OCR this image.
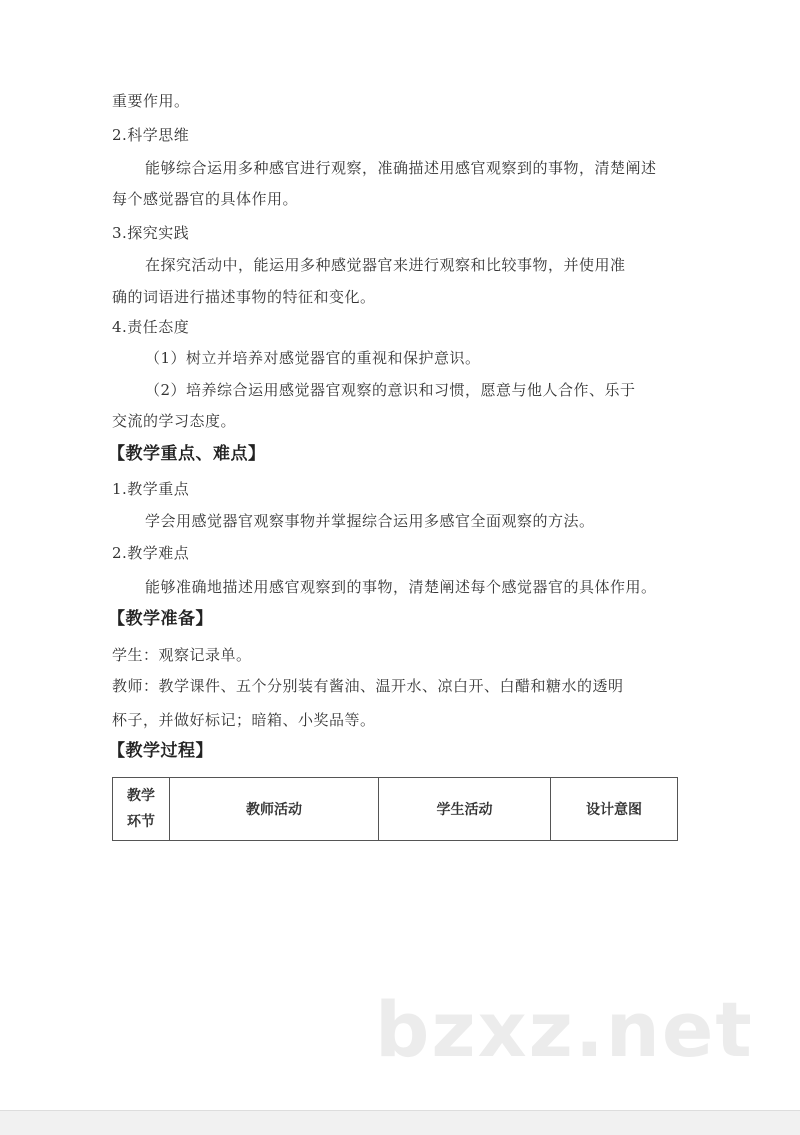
重要作用。
2.科学思维
能够综合运用多种感官进行观察，准确描述用感官观察到的事物，清楚阐述
每个感觉器官的具体作用。
3.探究实践
在探究活动中，能运用多种感觉器官来进行观察和比较事物，并使用准
确的词语进行描述事物的特征和变化。
4.责任态度
（1）树立并培养对感觉器官的重视和保护意识。
（2）培养综合运用感觉器官观察的意识和习惯，愿意与他人合作、乐于
交流的学习态度。
【教学重点、难点】
1.教学重点
学会用感觉器官观察事物并掌握综合运用多感官全面观察的方法。
2.教学难点
能够准确地描述用感官观察到的事物，清楚阐述每个感觉器官的具体作用。
【教学准备】
学生：观察记录单。
教师：教学课件、五个分别装有酱油、温开水、凉白开、白醋和糖水的透明
杯子，并做好标记；暗箱、小奖品等。
【教学过程】
教学
环节	教师活动	学生活动	设计意图
bzxz.net
